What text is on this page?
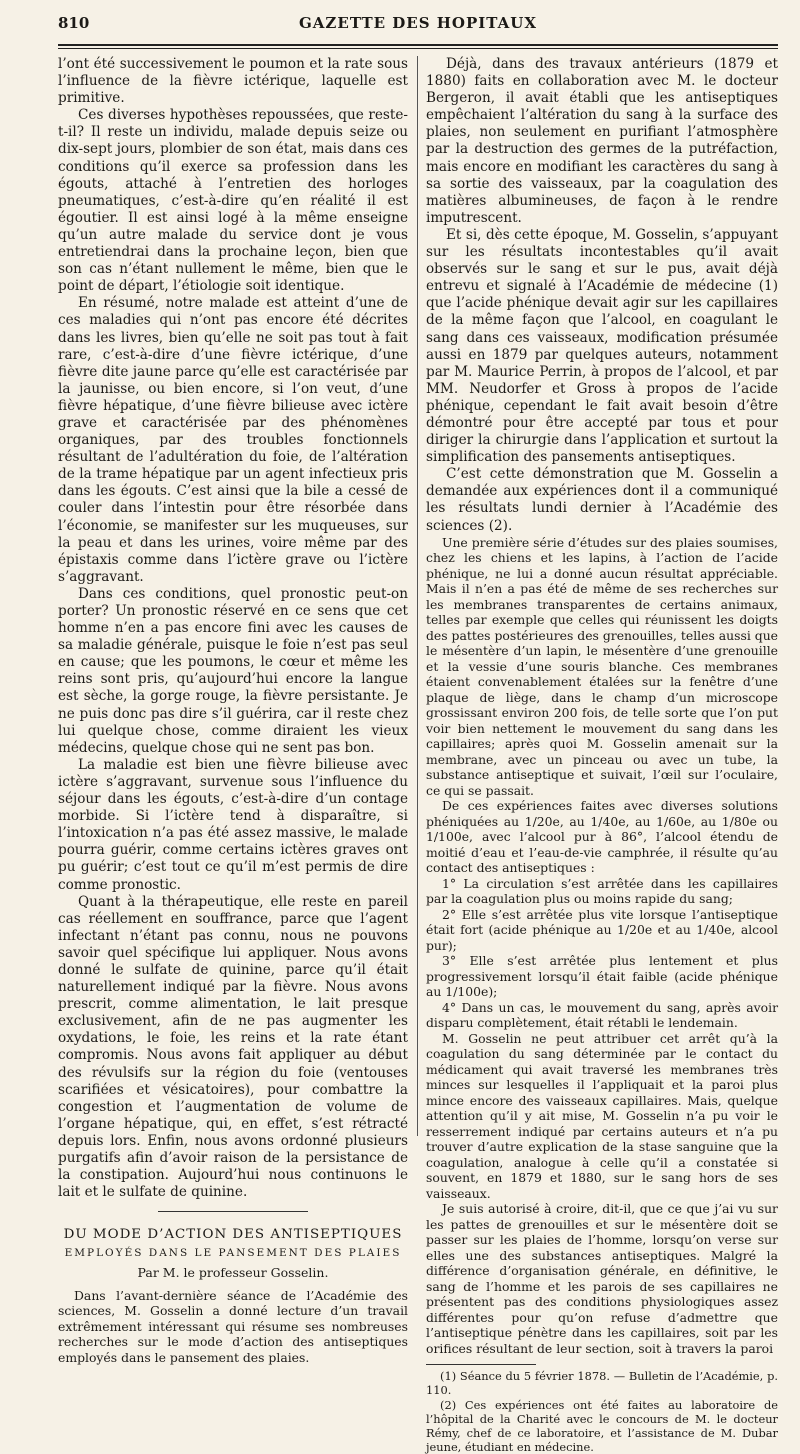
810	GAZETTE DES HOPITAUX

l’ont été successivement le poumon et la rate sous l’influence de la fièvre ictérique, laquelle est primitive.

Ces diverses hypothèses repoussées, que reste-t-il? Il reste un individu, malade depuis seize ou dix-sept jours, plombier de son état, mais dans ces conditions qu’il exerce sa profession dans les égouts, attaché à l’entretien des horloges pneumatiques, c’est-à-dire qu’en réalité il est égoutier. Il est ainsi logé à la même enseigne qu’un autre malade du service dont je vous entretiendrai dans la prochaine leçon, bien que son cas n’étant nullement le même, bien que le point de départ, l’étiologie soit identique.

En résumé, notre malade est atteint d’une de ces maladies qui n’ont pas encore été décrites dans les livres, bien qu’elle ne soit pas tout à fait rare, c’est-à-dire d’une fièvre ictérique, d’une fièvre dite jaune parce qu’elle est caractérisée par la jaunisse, ou bien encore, si l’on veut, d’une fièvre hépatique, d’une fièvre bilieuse avec ictère grave et caractérisée par des phénomènes organiques, par des troubles fonctionnels résultant de l’adultération du foie, de l’altération de la trame hépatique par un agent infectieux pris dans les égouts. C’est ainsi que la bile a cessé de couler dans l’intestin pour être résorbée dans l’économie, se manifester sur les muqueuses, sur la peau et dans les urines, voire même par des épistaxis comme dans l’ictère grave ou l’ictère s’aggravant.

Dans ces conditions, quel pronostic peut-on porter? Un pronostic réservé en ce sens que cet homme n’en a pas encore fini avec les causes de sa maladie générale, puisque le foie n’est pas seul en cause; que les poumons, le cœur et même les reins sont pris, qu’aujourd’hui encore la langue est sèche, la gorge rouge, la fièvre persistante. Je ne puis donc pas dire s’il guérira, car il reste chez lui quelque chose, comme diraient les vieux médecins, quelque chose qui ne sent pas bon.

La maladie est bien une fièvre bilieuse avec ictère s’aggravant, survenue sous l’influence du séjour dans les égouts, c’est-à-dire d’un contage morbide. Si l’ictère tend à disparaître, si l’intoxication n’a pas été assez massive, le malade pourra guérir, comme certains ictères graves ont pu guérir; c’est tout ce qu’il m’est permis de dire comme pronostic.

Quant à la thérapeutique, elle reste en pareil cas réellement en souffrance, parce que l’agent infectant n’étant pas connu, nous ne pouvons savoir quel spécifique lui appliquer. Nous avons donné le sulfate de quinine, parce qu’il était naturellement indiqué par la fièvre. Nous avons prescrit, comme alimentation, le lait presque exclusivement, afin de ne pas augmenter les oxydations, le foie, les reins et la rate étant compromis. Nous avons fait appliquer au début des révulsifs sur la région du foie (ventouses scarifiées et vésicatoires), pour combattre la congestion et l’augmentation de volume de l’organe hépatique, qui, en effet, s’est rétracté depuis lors. Enfin, nous avons ordonné plusieurs purgatifs afin d’avoir raison de la persistance de la constipation. Aujourd’hui nous continuons le lait et le sulfate de quinine.

DU MODE D’ACTION DES ANTISEPTIQUES

EMPLOYÉS DANS LE PANSEMENT DES PLAIES

Par M. le professeur Gosselin.

Dans l’avant-dernière séance de l’Académie des sciences, M. Gosselin a donné lecture d’un travail extrêmement intéressant qui résume ses nombreuses recherches sur le mode d’action des antiseptiques employés dans le pansement des plaies.

Déjà, dans des travaux antérieurs (1879 et 1880) faits en collaboration avec M. le docteur Bergeron, il avait établi que les antiseptiques empêchaient l’altération du sang à la surface des plaies, non seulement en purifiant l’atmosphère par la destruction des germes de la putréfaction, mais encore en modifiant les caractères du sang à sa sortie des vaisseaux, par la coagulation des matières albumineuses, de façon à le rendre imputrescent.

Et si, dès cette époque, M. Gosselin, s’appuyant sur les résultats incontestables qu’il avait observés sur le sang et sur le pus, avait déjà entrevu et signalé à l’Académie de médecine (1) que l’acide phénique devait agir sur les capillaires de la même façon que l’alcool, en coagulant le sang dans ces vaisseaux, modification présumée aussi en 1879 par quelques auteurs, notamment par M. Maurice Perrin, à propos de l’alcool, et par MM. Neudorfer et Gross à propos de l’acide phénique, cependant le fait avait besoin d’être démontré pour être accepté par tous et pour diriger la chirurgie dans l’application et surtout la simplification des pansements antiseptiques.

C’est cette démonstration que M. Gosselin a demandée aux expériences dont il a communiqué les résultats lundi dernier à l’Académie des sciences (2).

Une première série d’études sur des plaies soumises, chez les chiens et les lapins, à l’action de l’acide phénique, ne lui a donné aucun résultat appréciable. Mais il n’en a pas été de même de ses recherches sur les membranes transparentes de certains animaux, telles par exemple que celles qui réunissent les doigts des pattes postérieures des grenouilles, telles aussi que le mésentère d’un lapin, le mésentère d’une grenouille et la vessie d’une souris blanche. Ces membranes étaient convenablement étalées sur la fenêtre d’une plaque de liège, dans le champ d’un microscope grossissant environ 200 fois, de telle sorte que l’on put voir bien nettement le mouvement du sang dans les capillaires; après quoi M. Gosselin amenait sur la membrane, avec un pinceau ou avec un tube, la substance antiseptique et suivait, l’œil sur l’oculaire, ce qui se passait.

De ces expériences faites avec diverses solutions phéniquées au 1/20e, au 1/40e, au 1/60e, au 1/80e ou 1/100e, avec l’alcool pur à 86°, l’alcool étendu de moitié d’eau et l’eau-de-vie camphrée, il résulte qu’au contact des antiseptiques :

1° La circulation s’est arrêtée dans les capillaires par la coagulation plus ou moins rapide du sang;

2° Elle s’est arrêtée plus vite lorsque l’antiseptique était fort (acide phénique au 1/20e et au 1/40e, alcool pur);

3° Elle s’est arrêtée plus lentement et plus progressivement lorsqu’il était faible (acide phénique au 1/100e);

4° Dans un cas, le mouvement du sang, après avoir disparu complètement, était rétabli le lendemain.

M. Gosselin ne peut attribuer cet arrêt qu’à la coagulation du sang déterminée par le contact du médicament qui avait traversé les membranes très minces sur lesquelles il l’appliquait et la paroi plus mince encore des vaisseaux capillaires. Mais, quelque attention qu’il y ait mise, M. Gosselin n’a pu voir le resserrement indiqué par certains auteurs et n’a pu trouver d’autre explication de la stase sanguine que la coagulation, analogue à celle qu’il a constatée si souvent, en 1879 et 1880, sur le sang hors de ses vaisseaux.

Je suis autorisé à croire, dit-il, que ce que j’ai vu sur les pattes de grenouilles et sur le mésentère doit se passer sur les plaies de l’homme, lorsqu’on verse sur elles une des substances antiseptiques. Malgré la différence d’organisation générale, en définitive, le sang de l’homme et les parois de ses capillaires ne présentent pas des conditions physiologiques assez différentes pour qu’on refuse d’admettre que l’antiseptique pénètre dans les capillaires, soit par les orifices résultant de leur section, soit à travers la paroi

(1) Séance du 5 février 1878. — Bulletin de l’Académie, p. 110.

(2) Ces expériences ont été faites au laboratoire de l’hôpital de la Charité avec le concours de M. le docteur Rémy, chef de ce laboratoire, et l’assistance de M. Dubar jeune, étudiant en médecine.
